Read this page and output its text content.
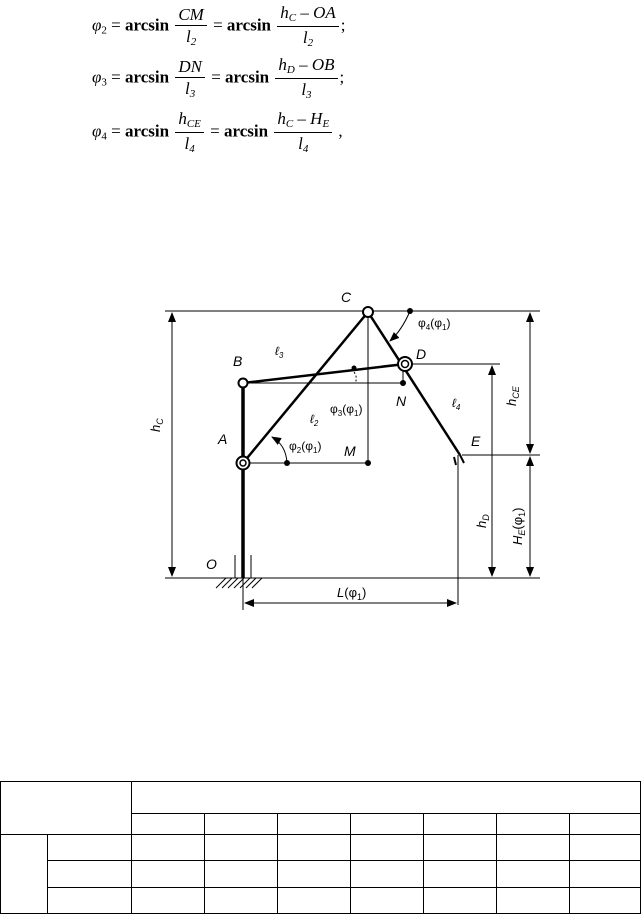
$\varphi_2 = \arcsin \frac{CM}{l_2} = \arcsin \frac{h_C - OA}{l_2}$ ;
$\varphi_3 = \arcsin \frac{DN}{l_3} = \arcsin \frac{h_D - OB}{l_3}$ ;
$\varphi_4 = \arcsin \frac{h_{CE}}{l_4} = \arcsin \frac{h_C - H_E}{l_4}$ ,
C
B	D
A
N
M
E
O
ℓ$_3$
ℓ$_2$
ℓ$_4$
$\varphi_4(\varphi_1)$
$\varphi_3(\varphi_1)$
$\varphi_2(\varphi_1)$
$h_C$
$h_{CE}$
$h_D$
$H_E(\varphi_1)$
$L(\varphi_1)$
